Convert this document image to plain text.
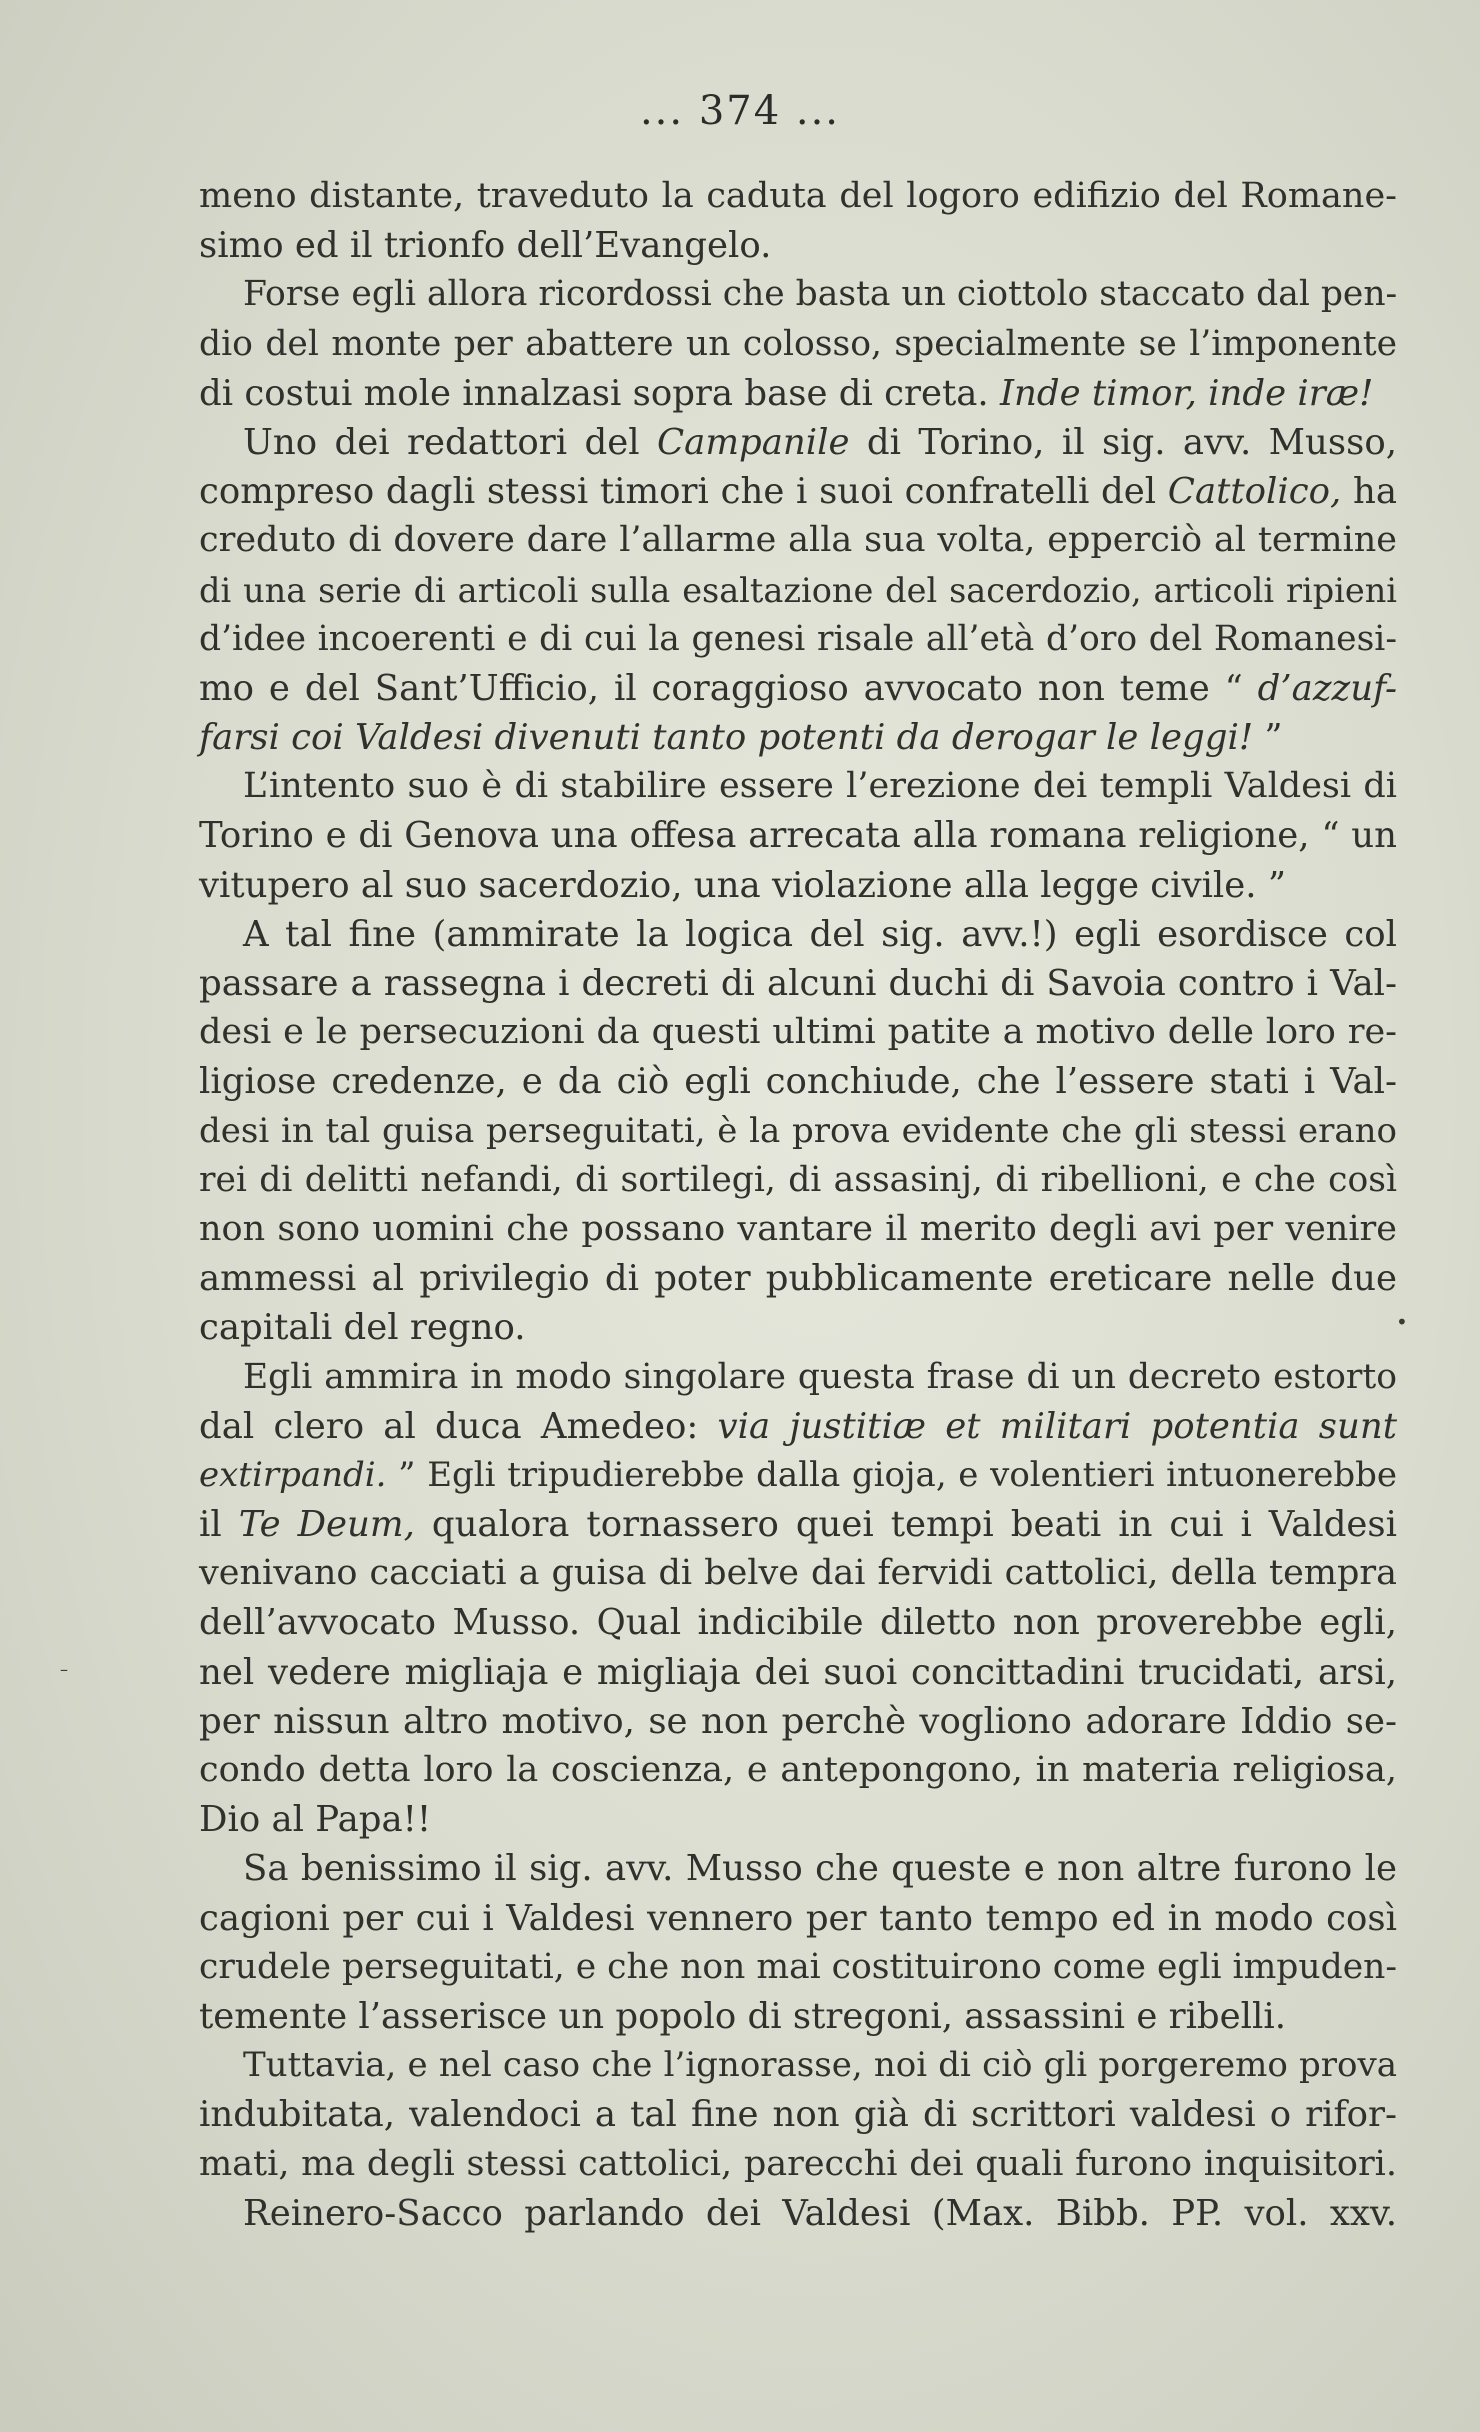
... 374 ...
meno distante, traveduto la caduta del logoro edifizio del Romane-
simo ed il trionfo dell’Evangelo.
Forse egli allora ricordossi che basta un ciottolo staccato dal pen-
dio del monte per abattere un colosso, specialmente se l’imponente
di costui mole innalzasi sopra base di creta. Inde timor, inde iræ!
Uno dei redattori del Campanile di Torino, il sig. avv. Musso,
compreso dagli stessi timori che i suoi confratelli del Cattolico, ha
creduto di dovere dare l’allarme alla sua volta, epperciò al termine
di una serie di articoli sulla esaltazione del sacerdozio, articoli ripieni
d’idee incoerenti e di cui la genesi risale all’età d’oro del Romanesi-
mo e del Sant’Ufficio, il coraggioso avvocato non teme “ d’azzuf-
farsi coi Valdesi divenuti tanto potenti da derogar le leggi! ”
L’intento suo è di stabilire essere l’erezione dei templi Valdesi di
Torino e di Genova una offesa arrecata alla romana religione, “ un
vitupero al suo sacerdozio, una violazione alla legge civile. ”
A tal fine (ammirate la logica del sig. avv.!) egli esordisce col
passare a rassegna i decreti di alcuni duchi di Savoia contro i Val-
desi e le persecuzioni da questi ultimi patite a motivo delle loro re-
ligiose credenze, e da ciò egli conchiude, che l’essere stati i Val-
desi in tal guisa perseguitati, è la prova evidente che gli stessi erano
rei di delitti nefandi, di sortilegi, di assasinj, di ribellioni, e che così
non sono uomini che possano vantare il merito degli avi per venire
ammessi al privilegio di poter pubblicamente ereticare nelle due
capitali del regno.
Egli ammira in modo singolare questa frase di un decreto estorto
dal clero al duca Amedeo: via justitiæ et militari potentia sunt
extirpandi. ” Egli tripudierebbe dalla gioja, e volentieri intuonerebbe
il Te Deum, qualora tornassero quei tempi beati in cui i Valdesi
venivano cacciati a guisa di belve dai fervidi cattolici, della tempra
dell’avvocato Musso. Qual indicibile diletto non proverebbe egli,
nel vedere migliaja e migliaja dei suoi concittadini trucidati, arsi,
per nissun altro motivo, se non perchè vogliono adorare Iddio se-
condo detta loro la coscienza, e antepongono, in materia religiosa,
Dio al Papa!!
Sa benissimo il sig. avv. Musso che queste e non altre furono le
cagioni per cui i Valdesi vennero per tanto tempo ed in modo così
crudele perseguitati, e che non mai costituirono come egli impuden-
temente l’asserisce un popolo di stregoni, assassini e ribelli.
Tuttavia, e nel caso che l’ignorasse, noi di ciò gli porgeremo prova
indubitata, valendoci a tal fine non già di scrittori valdesi o rifor-
mati, ma degli stessi cattolici, parecchi dei quali furono inquisitori.
Reinero-Sacco parlando dei Valdesi (Max. Bibb. PP. vol. xxv.
•
–
